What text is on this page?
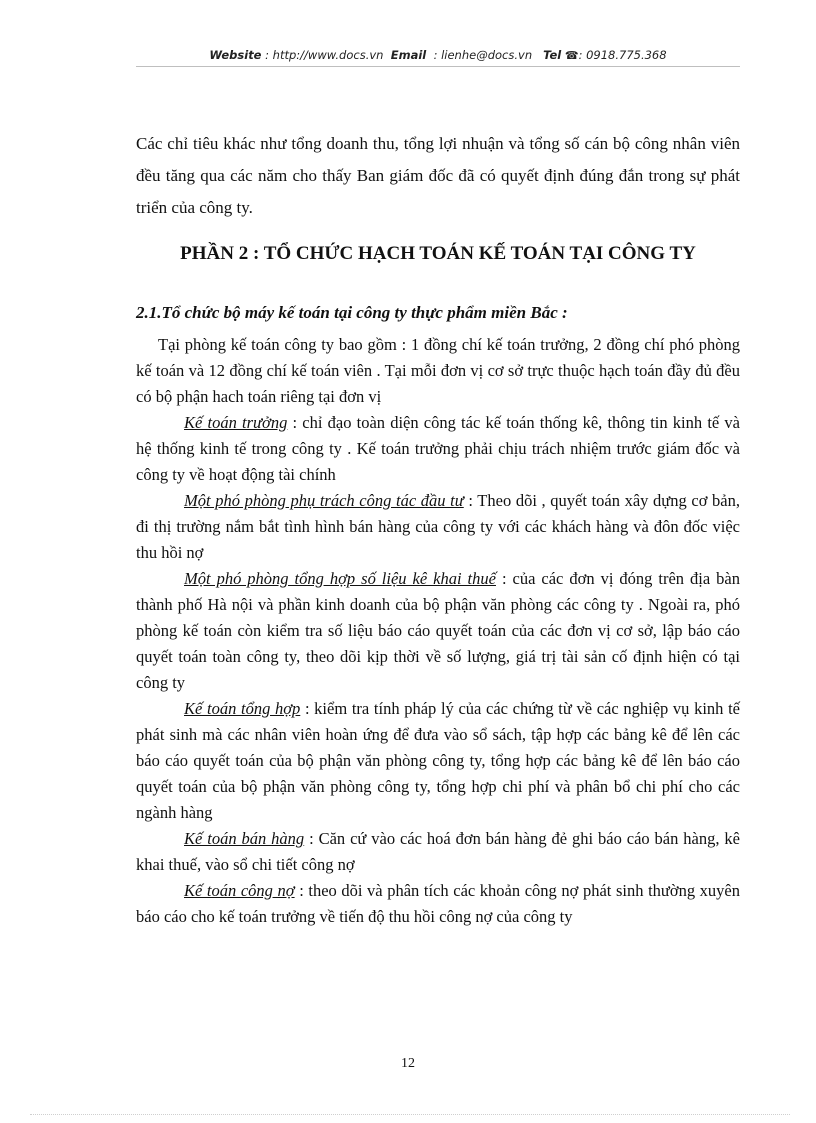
Website : http://www.docs.vn Email : lienhe@docs.vn Tel ☎: 0918.775.368

Các chỉ tiêu khác như tổng doanh thu, tổng lợi nhuận và tổng số cán bộ công nhân viên đều tăng qua các năm cho thấy Ban giám đốc đã có quyết định đúng đắn trong sự phát triển của công ty.

PHẦN 2 : TỔ CHỨC HẠCH TOÁN KẾ TOÁN TẠI CÔNG TY
2.1.Tổ chức bộ máy kế toán tại công ty thực phẩm miền Bắc :

Tại phòng kế toán công ty bao gồm : 1 đồng chí kế toán trưởng, 2 đồng chí phó phòng kế toán và 12 đồng chí kế toán viên . Tại mỗi đơn vị cơ sở trực thuộc hạch toán đầy đủ đều có bộ phận hach toán riêng tại đơn vị

Kế toán trưởng : chỉ đạo toàn diện công tác kế toán thống kê, thông tin kinh tế và hệ thống kinh tế trong công ty . Kế toán trưởng phải chịu trách nhiệm trước giám đốc và công ty về hoạt động tài chính

Một phó phòng phụ trách công tác đầu tư : Theo dõi , quyết toán xây dựng cơ bản, đi thị trường nắm bắt tình hình bán hàng của công ty với các khách hàng và đôn đốc việc thu hồi nợ

Một phó phòng tổng hợp số liệu kê khai thuế : của các đơn vị đóng trên địa bàn thành phố Hà nội và phần kinh doanh của bộ phận văn phòng các công ty . Ngoài ra, phó phòng kế toán còn kiểm tra số liệu báo cáo quyết toán của các đơn vị cơ sở, lập báo cáo quyết toán toàn công ty, theo dõi kịp thời về số lượng, giá trị tài sản cố định hiện có tại công ty

Kế toán tổng hợp : kiểm tra tính pháp lý của các chứng từ về các nghiệp vụ kinh tế phát sinh mà các nhân viên hoàn ứng để đưa vào sổ sách, tập hợp các bảng kê để lên các báo cáo quyết toán của bộ phận văn phòng công ty, tổng hợp các bảng kê để lên báo cáo quyết toán của bộ phận văn phòng công ty, tổng hợp chi phí và phân bổ chi phí cho các ngành hàng

Kế toán bán hàng : Căn cứ vào các hoá đơn bán hàng đẻ ghi báo cáo bán hàng, kê khai thuế, vào sổ chi tiết công nợ

Kế toán công nợ : theo dõi và phân tích các khoản công nợ phát sinh thường xuyên báo cáo cho kế toán trưởng về tiến độ thu hồi công nợ của công ty

12
